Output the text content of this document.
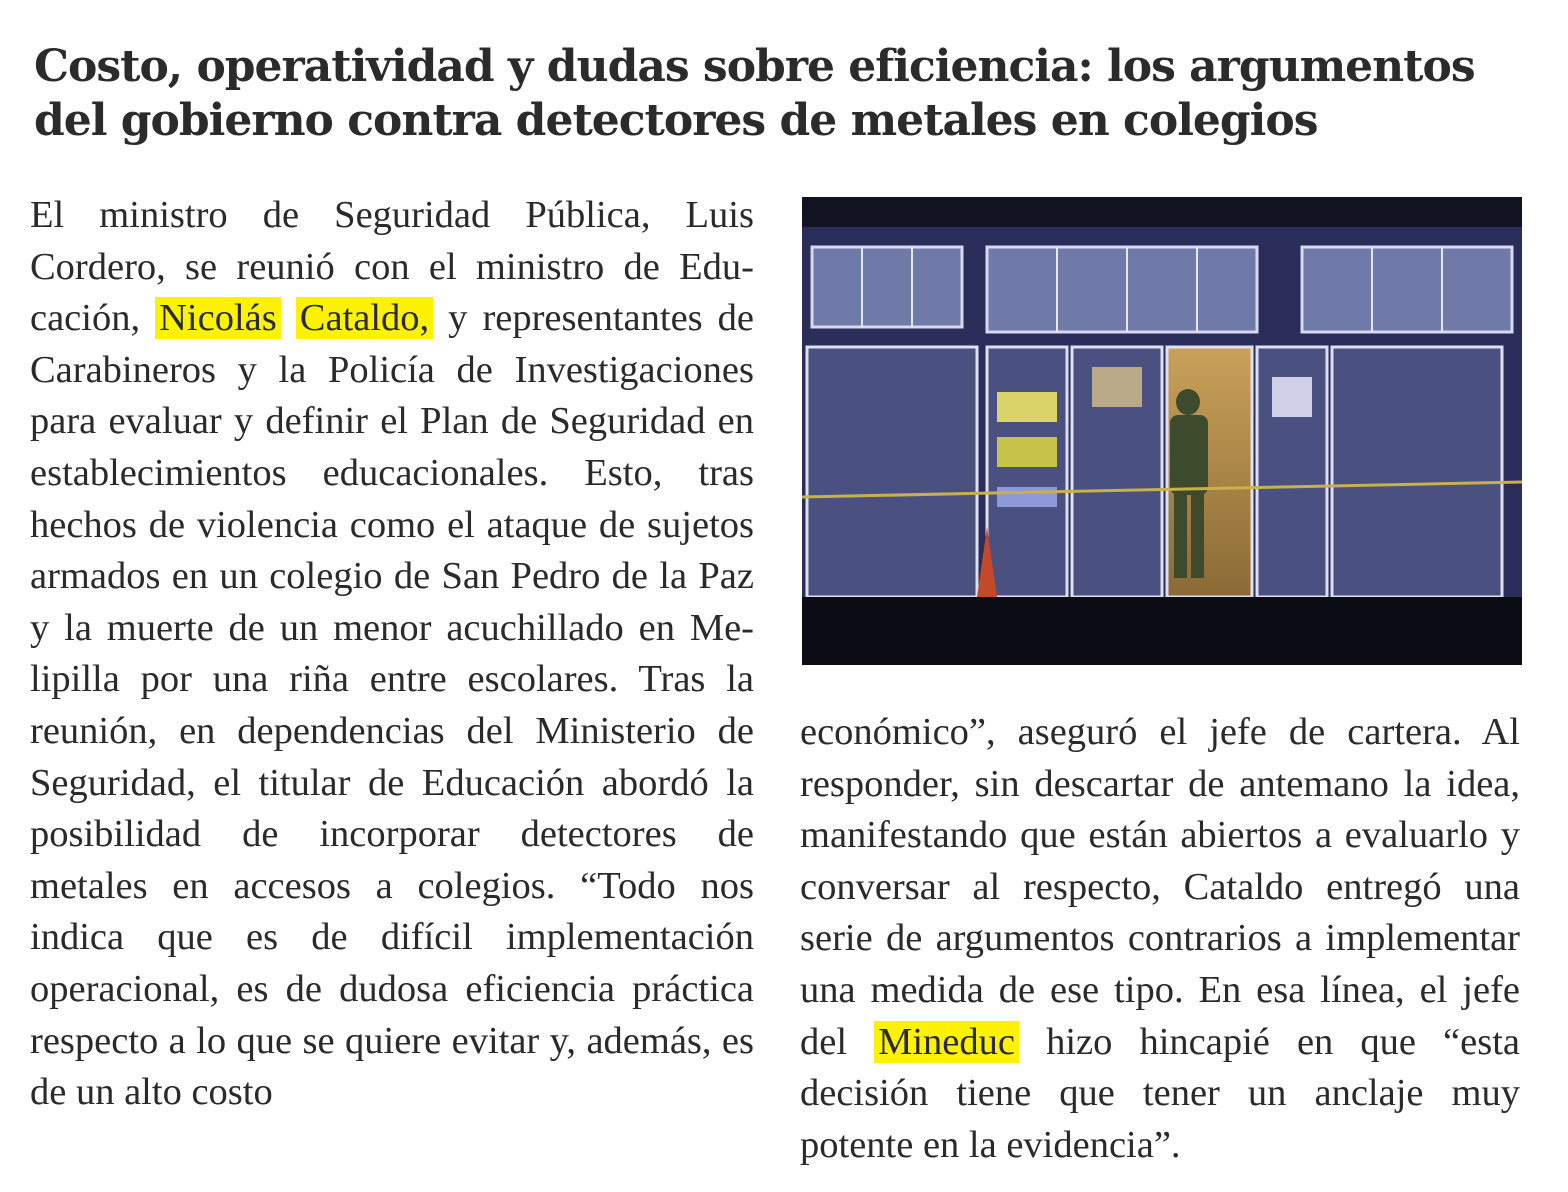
Costo, operatividad y dudas sobre eficiencia: los argumentos del gobierno contra detectores de metales en colegios

El ministro de Seguridad Pública, Luis Cordero, se reunió con el ministro de Educación, Nicolás Cataldo, y representantes de Carabineros y la Policía de Investigaciones para evaluar y definir el Plan de Seguridad en establecimientos educacionales. Esto, tras hechos de violencia como el ataque de sujetos armados en un colegio de San Pedro de la Paz y la muerte de un menor acuchillado en Melipilla por una riña entre escolares. Tras la reunión, en dependencias del Ministerio de Seguridad, el titular de Educación abordó la posibilidad de incorporar detectores de metales en accesos a colegios. “Todo nos indica que es de difícil implementación operacional, es de dudosa eficiencia práctica respecto a lo que se quiere evitar y, además, es de un alto costo

económico”, aseguró el jefe de cartera. Al responder, sin descartar de antemano la idea, manifestando que están abiertos a evaluarlo y conversar al respecto, Cataldo entregó una serie de argumentos contrarios a implementar una medida de ese tipo. En esa línea, el jefe del Mineduc hizo hincapié en que “esta decisión tiene que tener un anclaje muy potente en la evidencia”.
